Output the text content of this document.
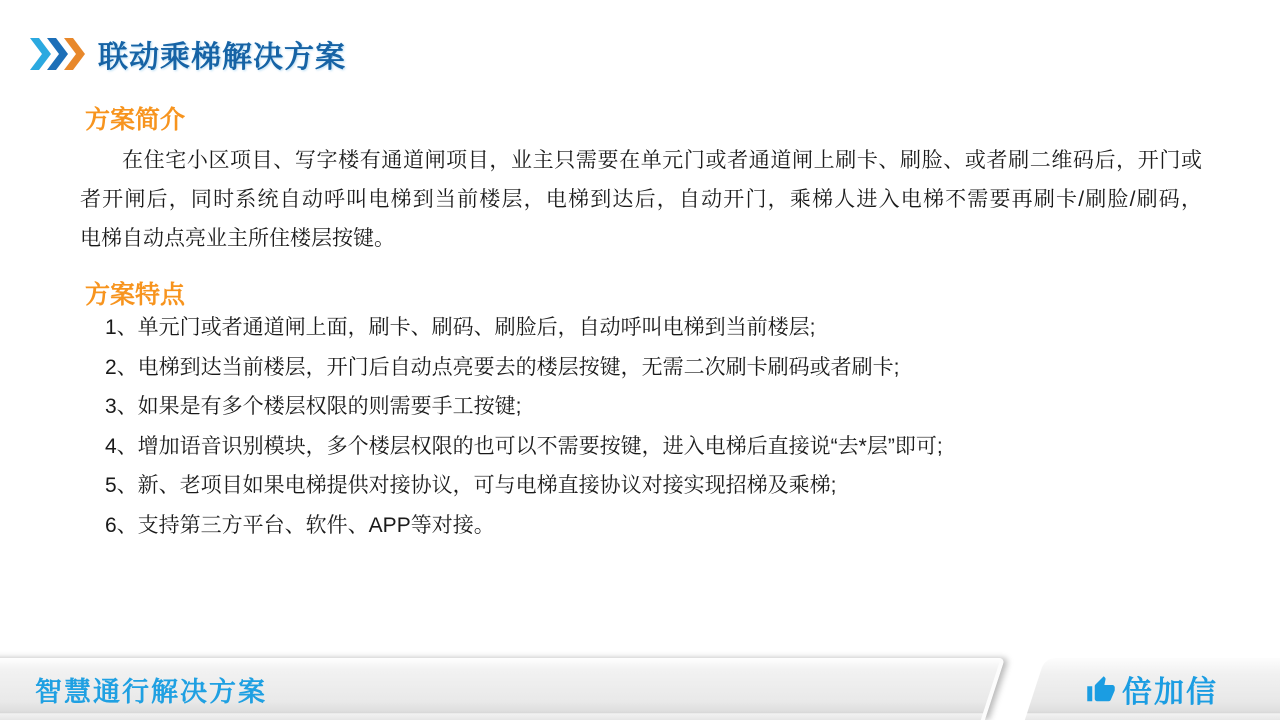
联动乘梯解决方案
方案简介
在住宅小区项目、写字楼有通道闸项目，业主只需要在单元门或者通道闸上刷卡、刷脸、或者刷二维码后，开门或
者开闸后，同时系统自动呼叫电梯到当前楼层，电梯到达后，自动开门，乘梯人进入电梯不需要再刷卡/刷脸/刷码，
电梯自动点亮业主所住楼层按键。
方案特点
1、单元门或者通道闸上面，刷卡、刷码、刷脸后，自动呼叫电梯到当前楼层;
2、电梯到达当前楼层，开门后自动点亮要去的楼层按键，无需二次刷卡刷码或者刷卡;
3、如果是有多个楼层权限的则需要手工按键;
4、增加语音识别模块，多个楼层权限的也可以不需要按键，进入电梯后直接说“去*层”即可;
5、新、老项目如果电梯提供对接协议，可与电梯直接协议对接实现招梯及乘梯;
6、支持第三方平台、软件、APP等对接。
智慧通行解决方案	倍加信
